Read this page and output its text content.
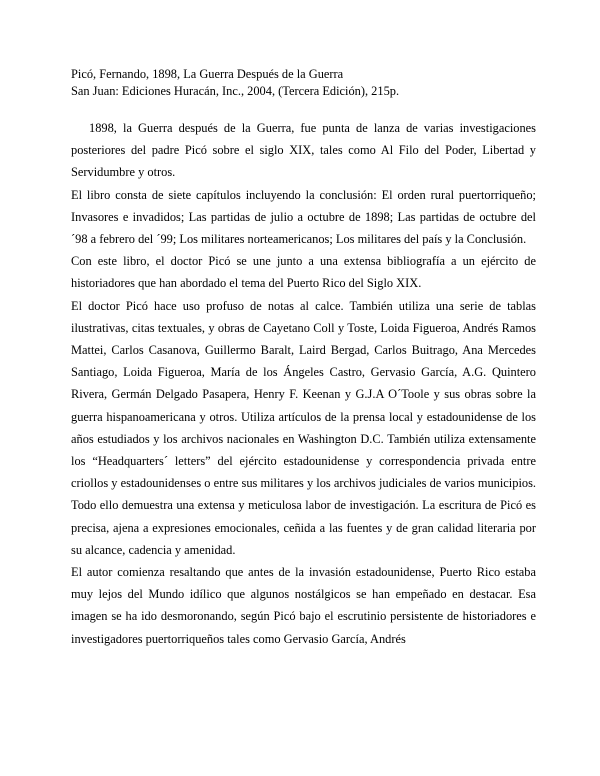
Picó, Fernando, 1898, La Guerra Después de la Guerra
San Juan: Ediciones Huracán, Inc., 2004, (Tercera Edición), 215p.

1898, la Guerra después de la Guerra, fue punta de lanza de varias investigaciones posteriores del padre Picó sobre el siglo XIX, tales como Al Filo del Poder, Libertad y Servidumbre y otros.

El libro consta de siete capítulos incluyendo la conclusión: El orden rural puertorriqueño; Invasores e invadidos; Las partidas de julio a octubre de 1898; Las partidas de octubre del ´98 a febrero del ´99; Los militares norteamericanos; Los militares del país y la Conclusión.

Con este libro, el doctor Picó se une junto a una extensa bibliografía a un ejército de historiadores que han abordado el tema del Puerto Rico del Siglo XIX.

El doctor Picó hace uso profuso de notas al calce. También utiliza una serie de tablas ilustrativas, citas textuales, y obras de Cayetano Coll y Toste, Loida Figueroa, Andrés Ramos Mattei, Carlos Casanova, Guillermo Baralt, Laird Bergad, Carlos Buitrago, Ana Mercedes Santiago, Loida Figueroa, María de los Ángeles Castro, Gervasio García, A.G. Quintero Rivera, Germán Delgado Pasapera, Henry F. Keenan y G.J.A O´Toole y sus obras sobre la guerra hispanoamericana y otros. Utiliza artículos de la prensa local y estadounidense de los años estudiados y los archivos nacionales en Washington D.C. También utiliza extensamente los “Headquarters´ letters” del ejército estadounidense y correspondencia privada entre criollos y estadounidenses o entre sus militares y los archivos judiciales de varios municipios. Todo ello demuestra una extensa y meticulosa labor de investigación. La escritura de Picó es precisa, ajena a expresiones emocionales, ceñida a las fuentes y de gran calidad literaria por su alcance, cadencia y amenidad.

El autor comienza resaltando que antes de la invasión estadounidense, Puerto Rico estaba muy lejos del Mundo idílico que algunos nostálgicos se han empeñado en destacar. Esa imagen se ha ido desmoronando, según Picó bajo el escrutinio persistente de historiadores e investigadores puertorriqueños tales como Gervasio García, Andrés
